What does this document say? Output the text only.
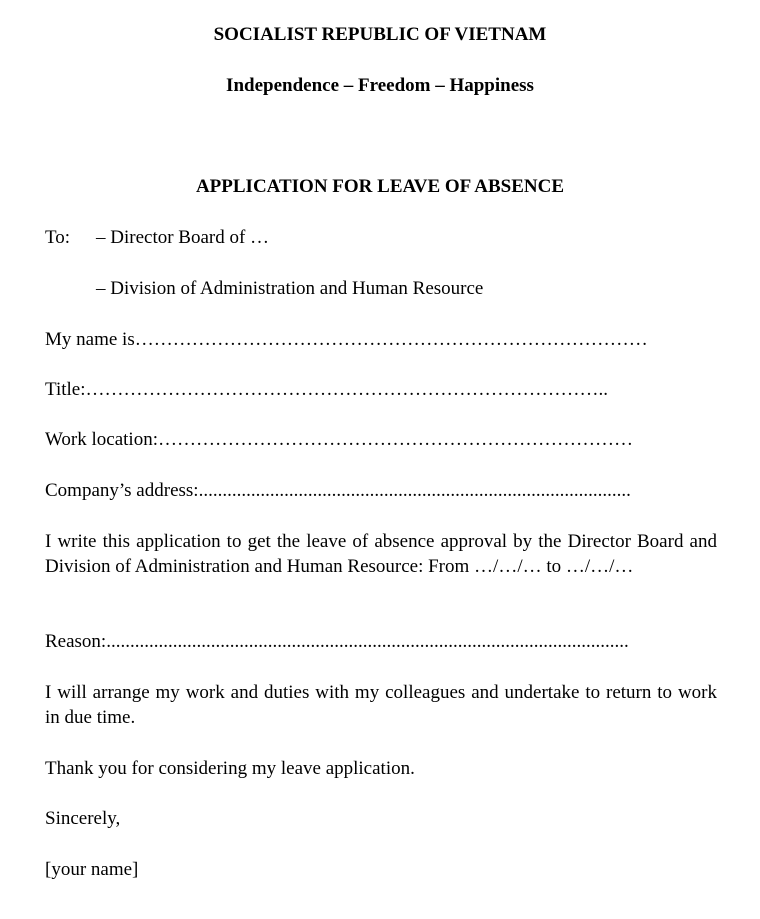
SOCIALIST REPUBLIC OF VIETNAM
Independence – Freedom – Happiness
APPLICATION FOR LEAVE OF ABSENCE
To: – Director Board of …
– Division of Administration and Human Resource
My name is………………………………………………………………………
Title:………………………………………………………………………..
Work location:…………………………………………………………………
Company’s address:...........................................................................................
I write this application to get the leave of absence approval by the Director Board and Division of Administration and Human Resource: From …/…/… to …/…/…
Reason:..............................................................................................................
I will arrange my work and duties with my colleagues and undertake to return to work in due time.
Thank you for considering my leave application.
Sincerely,
[your name]
